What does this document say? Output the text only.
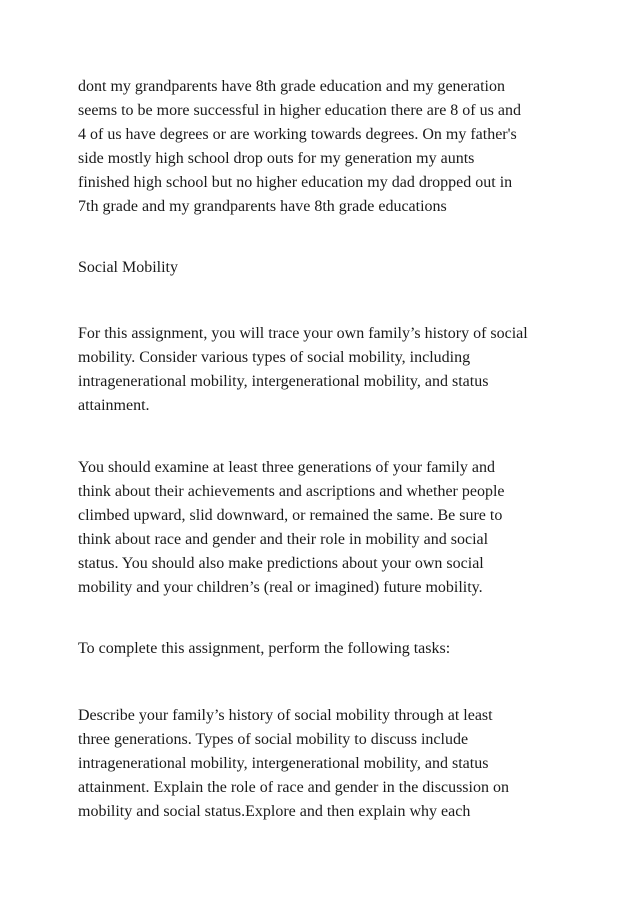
dont my grandparents have 8th grade education and my generation
seems to be more successful in higher education there are 8 of us and
4 of us have degrees or are working towards degrees. On my father's
side mostly high school drop outs for my generation my aunts
finished high school but no higher education my dad dropped out in
7th grade and my grandparents have 8th grade educations
Social Mobility
For this assignment, you will trace your own family’s history of social
mobility. Consider various types of social mobility, including
intragenerational mobility, intergenerational mobility, and status
attainment.
You should examine at least three generations of your family and
think about their achievements and ascriptions and whether people
climbed upward, slid downward, or remained the same. Be sure to
think about race and gender and their role in mobility and social
status. You should also make predictions about your own social
mobility and your children’s (real or imagined) future mobility.
To complete this assignment, perform the following tasks:
Describe your family’s history of social mobility through at least
three generations. Types of social mobility to discuss include
intragenerational mobility, intergenerational mobility, and status
attainment. Explain the role of race and gender in the discussion on
mobility and social status.Explore and then explain why each
